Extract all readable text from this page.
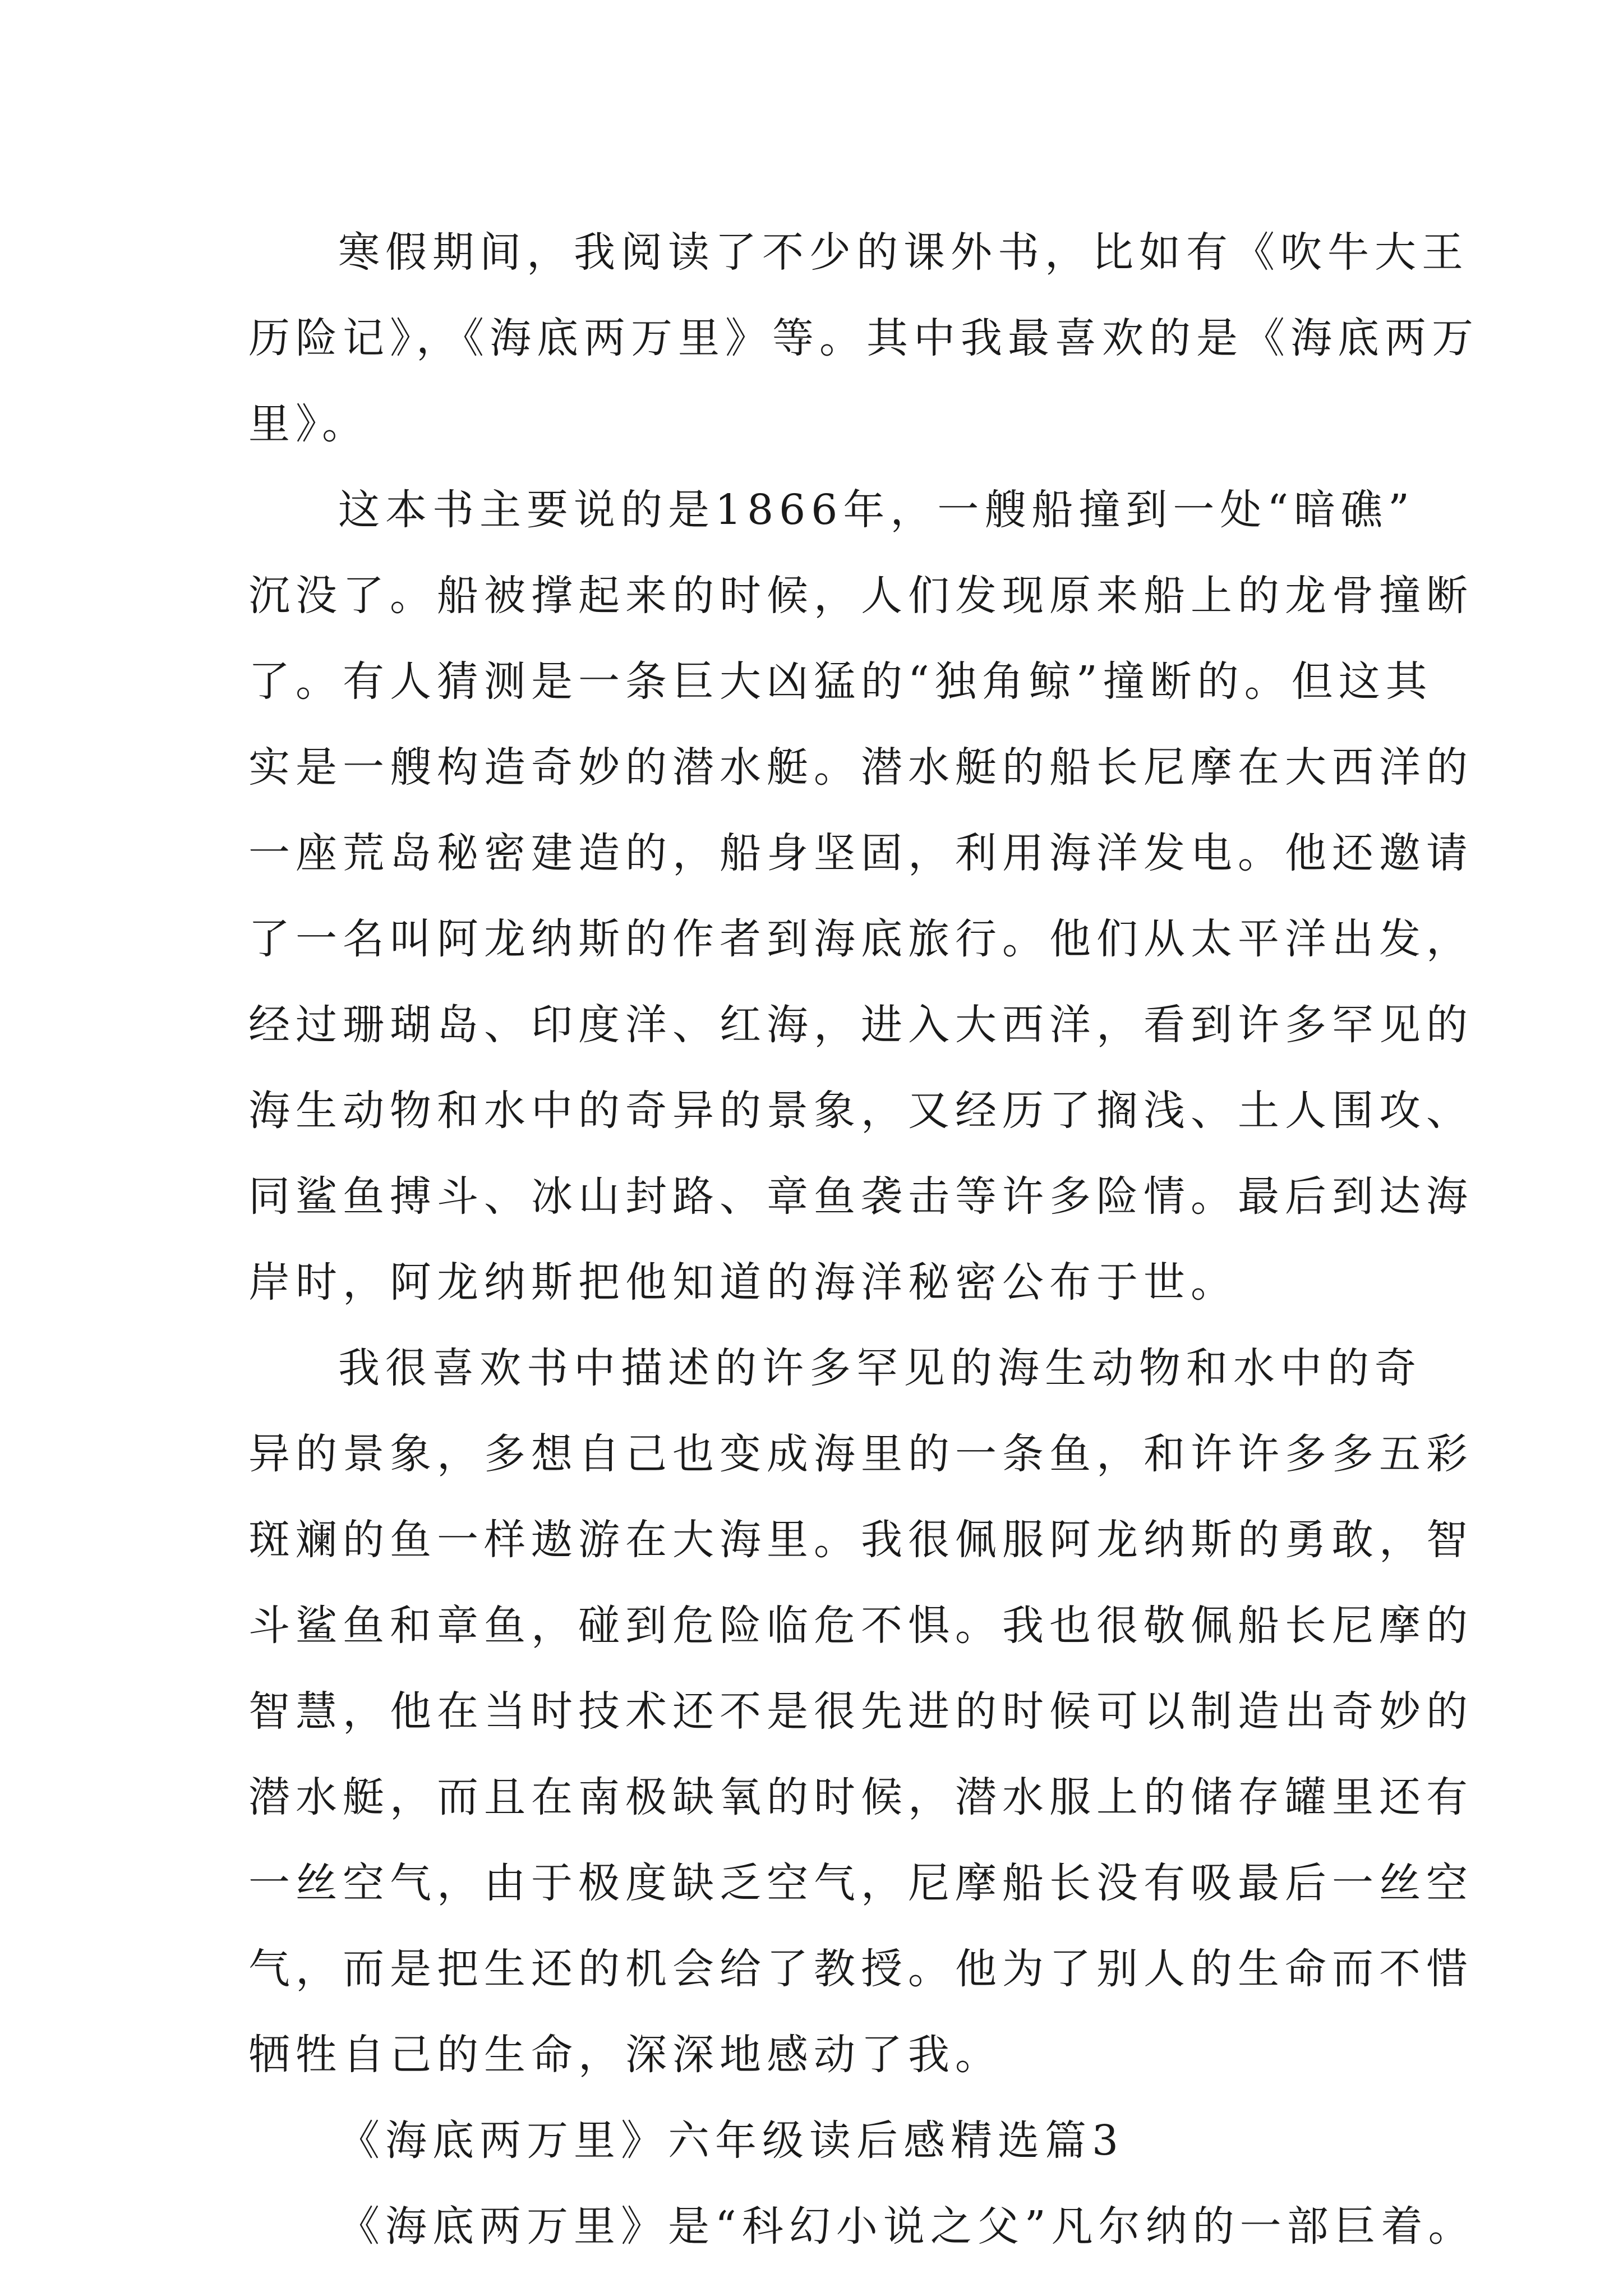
寒假期间，我阅读了不少的课外书，比如有《吹牛大王
历险记》，《海底两万里》等。其中我最喜欢的是《海底两万
里》。
这本书主要说的是1866年，一艘船撞到一处“暗礁”
沉没了。船被撑起来的时候，人们发现原来船上的龙骨撞断
了。有人猜测是一条巨大凶猛的“独角鲸”撞断的。但这其
实是一艘构造奇妙的潜水艇。潜水艇的船长尼摩在大西洋的
一座荒岛秘密建造的，船身坚固，利用海洋发电。他还邀请
了一名叫阿龙纳斯的作者到海底旅行。他们从太平洋出发，
经过珊瑚岛、印度洋、红海，进入大西洋，看到许多罕见的
海生动物和水中的奇异的景象，又经历了搁浅、土人围攻、
同鲨鱼搏斗、冰山封路、章鱼袭击等许多险情。最后到达海
岸时，阿龙纳斯把他知道的海洋秘密公布于世。
我很喜欢书中描述的许多罕见的海生动物和水中的奇
异的景象，多想自己也变成海里的一条鱼，和许许多多五彩
斑斓的鱼一样遨游在大海里。我很佩服阿龙纳斯的勇敢，智
斗鲨鱼和章鱼，碰到危险临危不惧。我也很敬佩船长尼摩的
智慧，他在当时技术还不是很先进的时候可以制造出奇妙的
潜水艇，而且在南极缺氧的时候，潜水服上的储存罐里还有
一丝空气，由于极度缺乏空气，尼摩船长没有吸最后一丝空
气，而是把生还的机会给了教授。他为了别人的生命而不惜
牺牲自己的生命，深深地感动了我。
《海底两万里》六年级读后感精选篇3
《海底两万里》是“科幻小说之父”凡尔纳的一部巨着。
